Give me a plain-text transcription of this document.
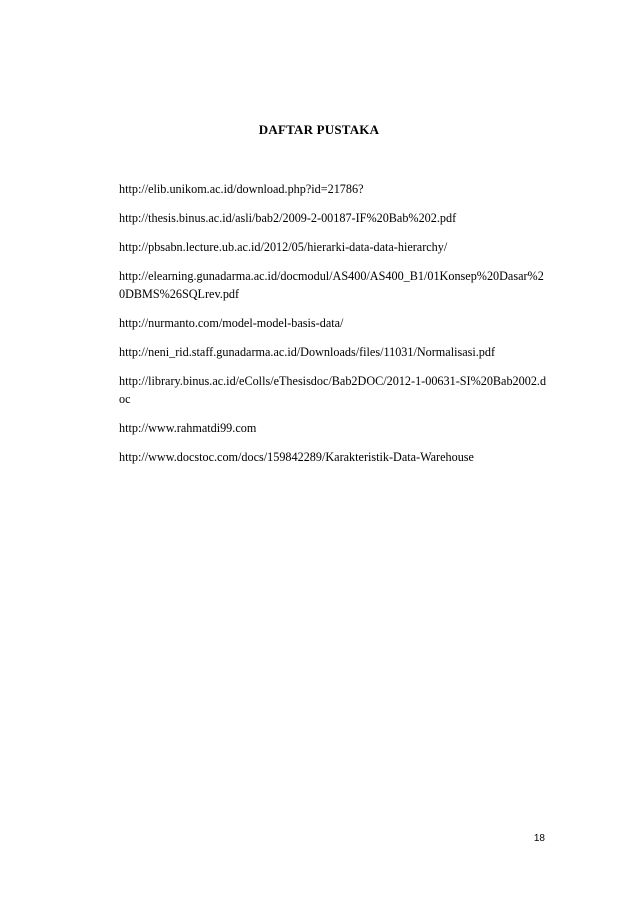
DAFTAR PUSTAKA
http://elib.unikom.ac.id/download.php?id=21786?
http://thesis.binus.ac.id/asli/bab2/2009-2-00187-IF%20Bab%202.pdf
http://pbsabn.lecture.ub.ac.id/2012/05/hierarki-data-data-hierarchy/
http://elearning.gunadarma.ac.id/docmodul/AS400/AS400_B1/01Konsep%20Dasar%20DBMS%26SQLrev.pdf
http://nurmanto.com/model-model-basis-data/
http://neni_rid.staff.gunadarma.ac.id/Downloads/files/11031/Normalisasi.pdf
http://library.binus.ac.id/eColls/eThesisdoc/Bab2DOC/2012-1-00631-SI%20Bab2002.doc
http://www.rahmatdi99.com
http://www.docstoc.com/docs/159842289/Karakteristik-Data-Warehouse
18
